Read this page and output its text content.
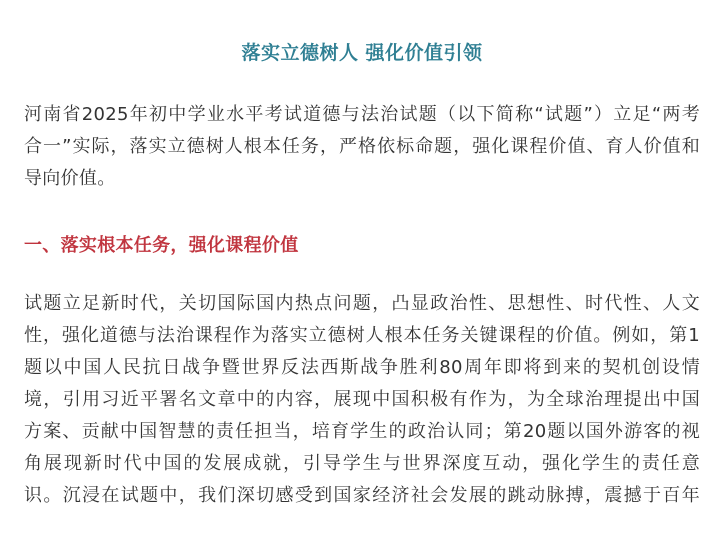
落实立德树人 强化价值引领
河南省2025年初中学业水平考试道德与法治试题（以下简称“试题”）立足“两考
合一”实际，落实立德树人根本任务，严格依标命题，强化课程价值、育人价值和
导向价值。
一、落实根本任务，强化课程价值
试题立足新时代，关切国际国内热点问题，凸显政治性、思想性、时代性、人文
性，强化道德与法治课程作为落实立德树人根本任务关键课程的价值。例如，第1
题以中国人民抗日战争暨世界反法西斯战争胜利80周年即将到来的契机创设情
境，引用习近平署名文章中的内容，展现中国积极有作为，为全球治理提出中国
方案、贡献中国智慧的责任担当，培育学生的政治认同；第20题以国外游客的视
角展现新时代中国的发展成就，引导学生与世界深度互动，强化学生的责任意
识。沉浸在试题中，我们深切感受到国家经济社会发展的跳动脉搏，震撼于百年
